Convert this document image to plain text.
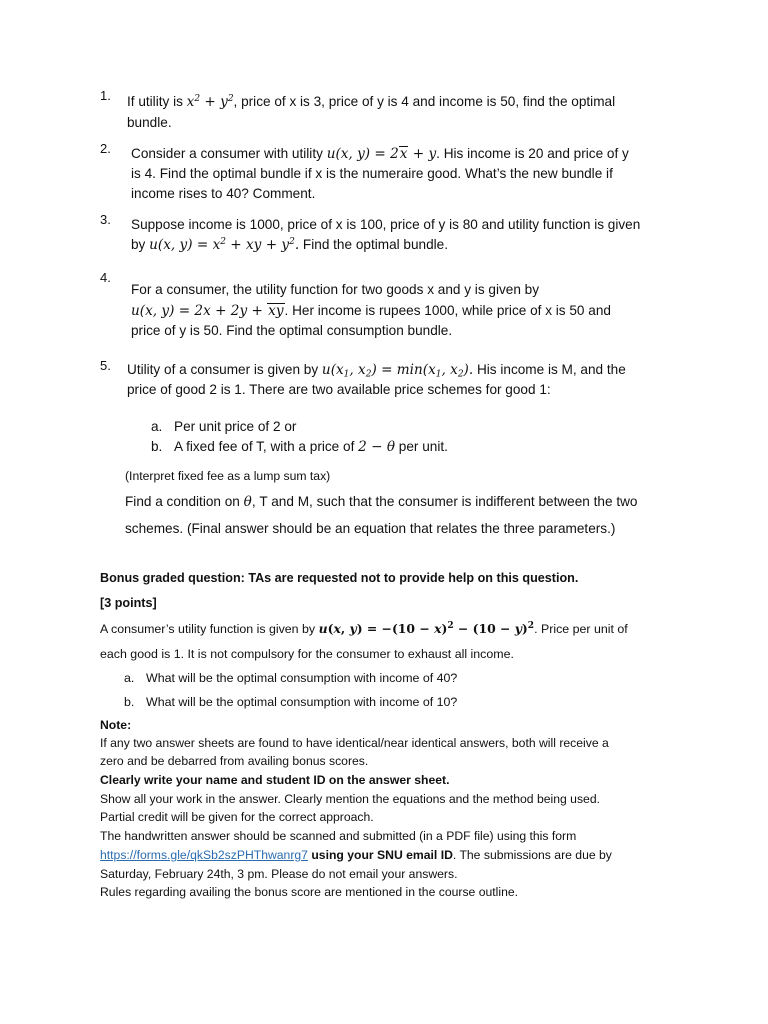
1. If utility is $x^2 + y^2$, price of x is 3, price of y is 4 and income is 50, find the optimal
bundle.
2. Consider a consumer with utility u(x, y) = 2x + y. His income is 20 and price of y
is 4. Find the optimal bundle if x is the numeraire good. What’s the new bundle if
income rises to 40? Comment.
3. Suppose income is 1000, price of x is 100, price of y is 80 and utility function is given
by u(x, $y) = x^2$ + xy + $y^2$. Find the optimal bundle.
4.
For a consumer, the utility function for two goods x and y is given by
u(x, y) = 2x + 2y + xy. Her income is rupees 1000, while price of x is 50 and
price of y is 50. Find the optimal consumption bundle.
5. Utility of a consumer is given by $u(x_1$, $x_2) = \min(x_1$, $x_2$). His income is M, and the
price of good 2 is 1. There are two available price schemes for good 1:
a. Per unit price of 2 or
b. A fixed fee of T, with a price of 2 − θ per unit.
(Interpret fixed fee as a lump sum tax)
Find a condition on θ, T and M, such that the consumer is indifferent between the two
schemes. (Final answer should be an equation that relates the three parameters.)
Bonus graded question: TAs are requested not to provide help on this question.
[3 points]
A consumer’s utility function is given by u(x, $y) = -(10 - x)^2 - (10 - y)^2$. Price per unit of
each good is 1. It is not compulsory for the consumer to exhaust all income.
a. What will be the optimal consumption with income of 40?
b. What will be the optimal consumption with income of 10?
Note:
If any two answer sheets are found to have identical/near identical answers, both will receive a
zero and be debarred from availing bonus scores.
Clearly write your name and student ID on the answer sheet.
Show all your work in the answer. Clearly mention the equations and the method being used.
Partial credit will be given for the correct approach.
The handwritten answer should be scanned and submitted (in a PDF file) using this form
https://forms.gle/qkSb2szPHThwanrg7 using your SNU email ID. The submissions are due by
Saturday, February 24th, 3 pm. Please do not email your answers.
Rules regarding availing the bonus score are mentioned in the course outline.
